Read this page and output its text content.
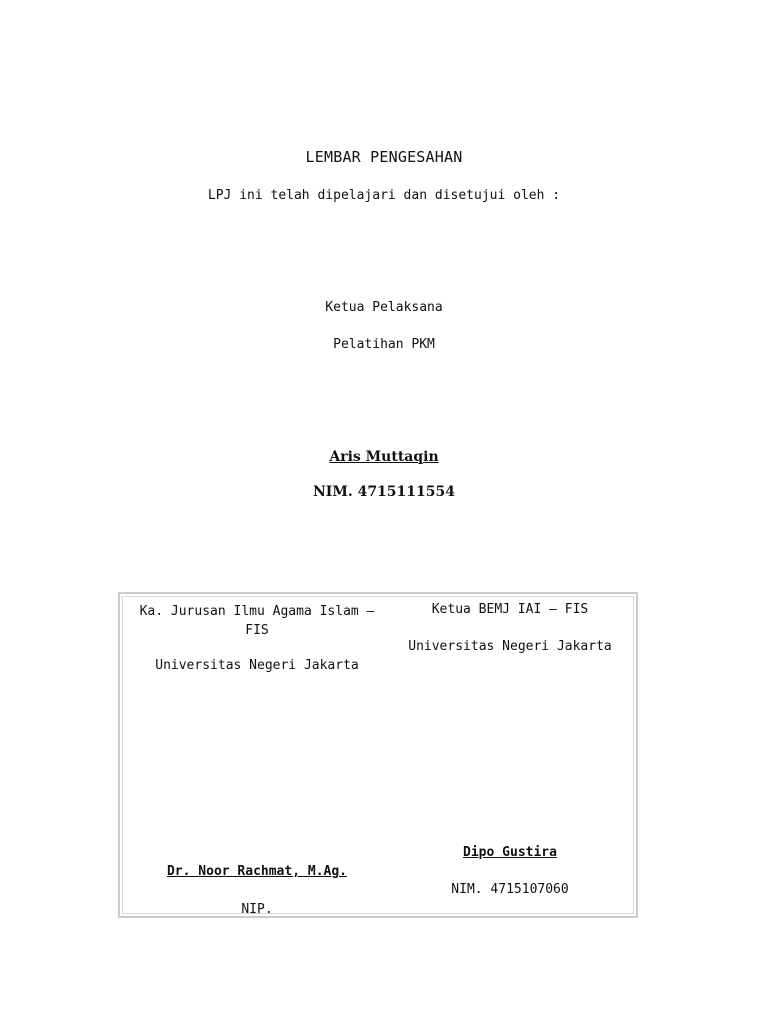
LEMBAR PENGESAHAN
LPJ ini telah dipelajari dan disetujui oleh :
Ketua Pelaksana
Pelatihan PKM
Aris Muttaqin
NIM. 4715111554
Ka. Jurusan Ilmu Agama Islam – FIS
Universitas Negeri Jakarta
Dr. Noor Rachmat, M.Ag.
NIP.
Ketua BEMJ IAI – FIS
Universitas Negeri Jakarta
Dipo Gustira
NIM. 4715107060
